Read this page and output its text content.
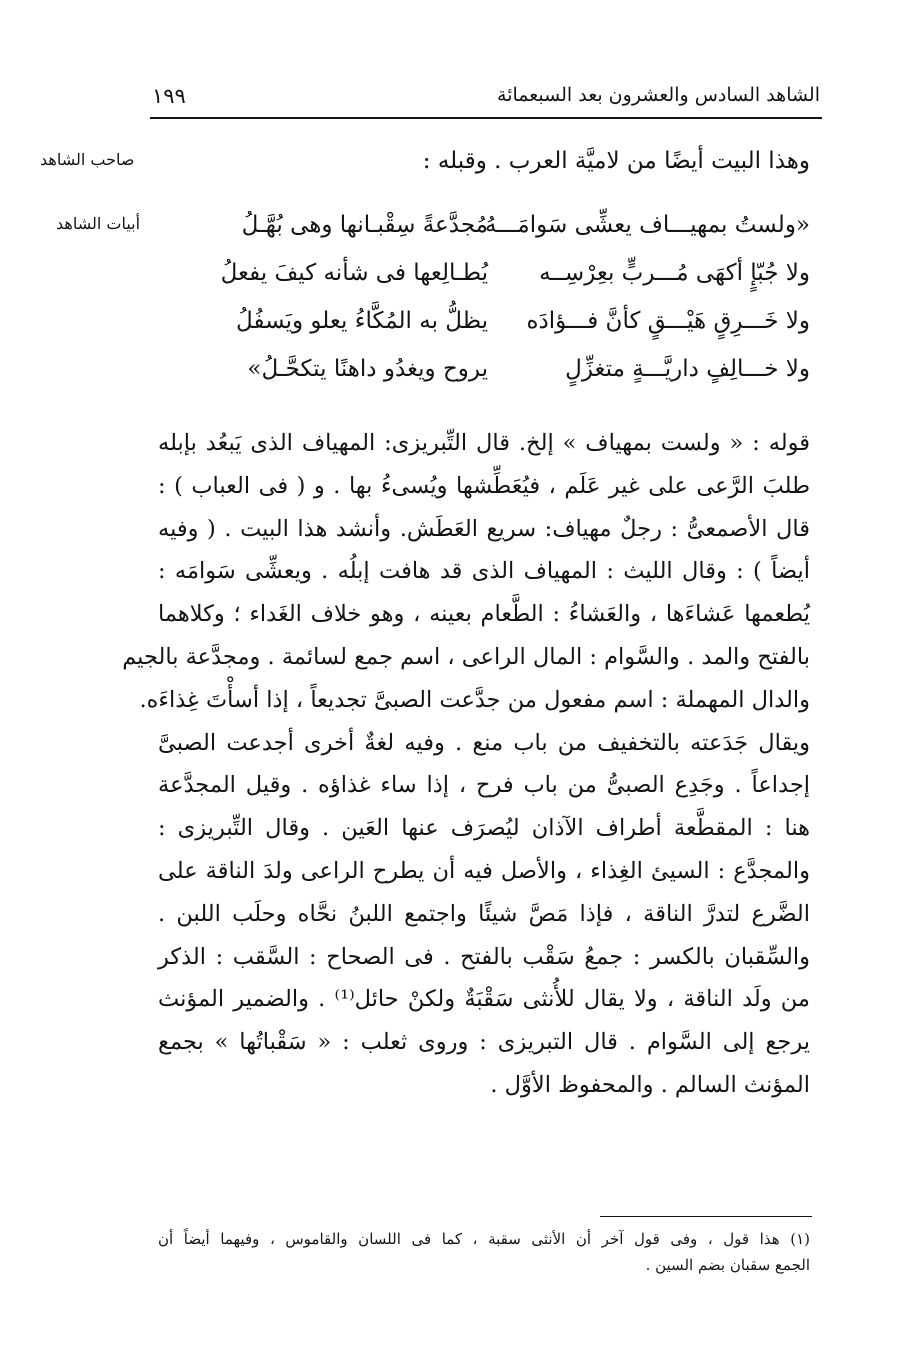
الشاهد السادس والعشرون بعد السبعمائة
١٩٩
صاحب الشاهد
أبيات الشاهد
وهذا البيت أيضًا من لاميَّة العرب . وقبله :
«ولستُ بمهيـــاف يعشِّى سَوامَـــهُ
مُجدَّعةً سِقْبـانها وهى بُهَّـلُ
ولا جُبّإٍ أكهَى مُـــربٍّ بعِرْسِــه
يُطـالِعها فى شأنه كيفَ يفعلُ
ولا خَـــرِقٍ هَيْـــقٍ كأنَّ فـــؤادَه
يظلُّ به المُكَّاءُ يعلو ويَسفُلُ
ولا خـــالِفٍ داريَّـــةٍ متغزِّلٍ
يروح ويغدُو داهنًا يتكحَّـلُ»
قوله : « ولست بمهياف » إلخ. قال التِّبريزى: المهياف الذى يَبعُد بإبله
طلبَ الرَّعى على غير عَلَم ، فيُعَطِّشها ويُسىءُ بها . و ( فى العباب ) :
قال الأصمعىُّ : رجلٌ مهياف: سريع العَطَش. وأنشد هذا البيت . ( وفيه
أيضاً ) : وقال الليث : المهياف الذى قد هافت إبلُه . ويعشِّى سَوامَه :
يُطعمها عَشاءَها ، والعَشاءُ : الطَّعام بعينه ، وهو خلاف الغَداء ؛ وكلاهما
بالفتح والمد . والسَّوام : المال الراعى ، اسم جمع لسائمة . ومجدَّعة بالجيم
والدال المهملة : اسم مفعول من جدَّعت الصبىَّ تجديعاً ، إذا أسأْتَ غِذاءَه.
ويقال جَدَعته بالتخفيف من باب منع . وفيه لغةٌ أخرى أجدعت الصبىَّ
إجداعاً . وجَدِع الصبىُّ من باب فرح ، إذا ساء غذاؤه . وقيل المجدَّعة
هنا : المقطَّعة أطراف الآذان ليُصرَف عنها العَين . وقال التِّبريزى :
والمجدَّع : السيئ الغِذاء ، والأصل فيه أن يطرح الراعى ولدَ الناقة على
الضَّرع لتدرَّ الناقة ، فإذا مَصَّ شيئًا واجتمع اللبنُ نحَّاه وحلَب اللبن .
والسِّقبان بالكسر : جمعُ سَقْب بالفتح . فى الصحاح : السَّقب : الذكر
من ولَد الناقة ، ولا يقال للأُنثى سَقْبَةٌ ولكنْ حائل⁽¹⁾ . والضمير المؤنث
يرجع إلى السَّوام . قال التبريزى : وروى ثعلب : « سَقْباتُها » بجمع
المؤنث السالم . والمحفوظ الأوَّل .
(١) هذا قول ، وفى قول آخر أن الأنثى سقبة ، كما فى اللسان والقاموس ، وفيهما أيضاً أن
الجمع سقبان بضم السين .
